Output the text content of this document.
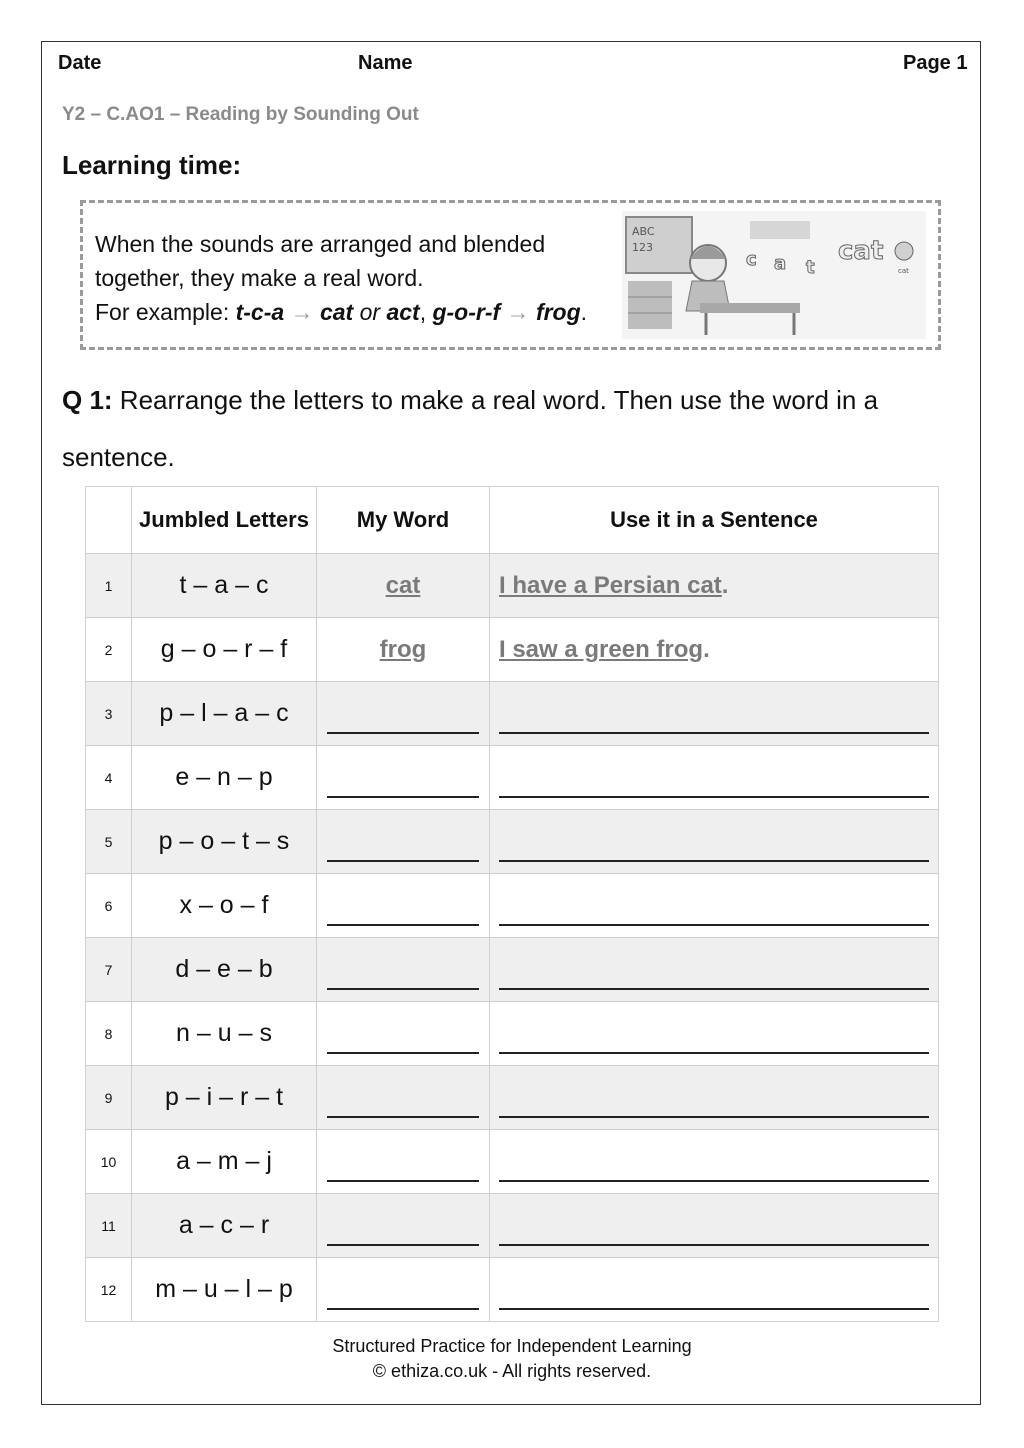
Date	Name	Page 1
Y2 – C.AO1 – Reading by Sounding Out
Learning time:
When the sounds are arranged and blended
together, they make a real word.
For example: t-c-a → cat or act, g-o-r-f → frog.
ABC
123
c a t
cat
cat
Q 1: Rearrange the letters to make a real word. Then use the word in a sentence.
	Jumbled Letters	My Word	Use it in a Sentence
1	t – a – c	cat	I have a Persian cat.
2	g – o – r – f	frog	I saw a green frog.
3	p – l – a – c		
4	e – n – p		
5	p – o – t – s		
6	x – o – f		
7	d – e – b		
8	n – u – s		
9	p – i – r – t		
10	a – m – j		
11	a – c – r		
12	m – u – l – p		
Structured Practice for Independent Learning
© ethiza.co.uk - All rights reserved.
